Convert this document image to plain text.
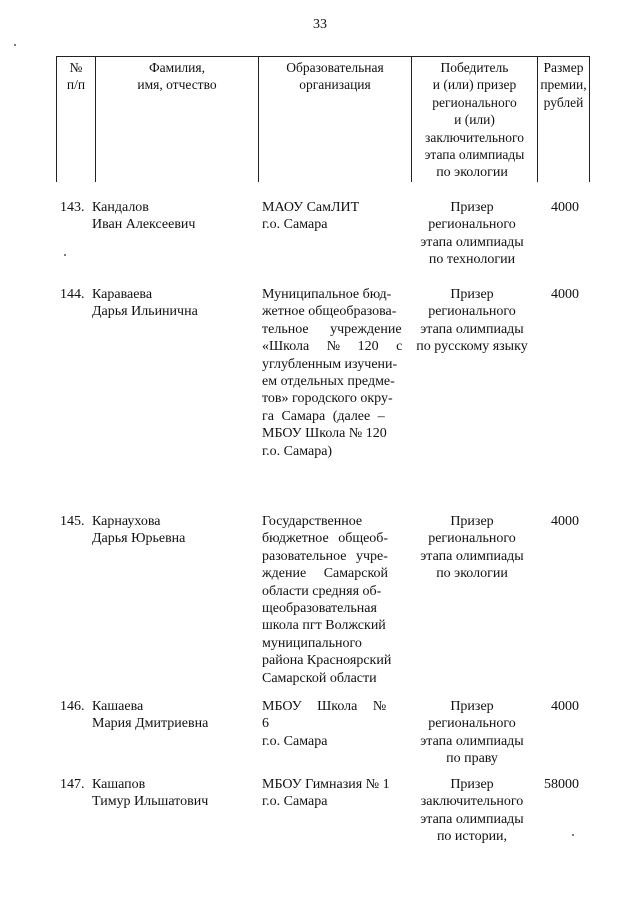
33
№
п/п
Фамилия,
имя, отчество
Образовательная
организация
Победитель
и (или) призер
регионального
и (или)
заключительного
этапа олимпиады
Размер
премии,
рублей
по экологии
143. Кандалов
Иван Алексеевич
МАОУ СамЛИТ
г.о. Самара
Призер
регионального
этапа олимпиады
по технологии
4000
144. Караваева
Дарья Ильинична
Муниципальное бюд-
жетное общеобразова-
тельное учреждение
«Школа № 120 с
углубленным изучени-
ем отдельных предме-
тов» городского окру-
га Самара (далее –
МБОУ Школа № 120
г.о. Самара)
Призер
регионального
этапа олимпиады
по русскому языку
4000
145. Карнаухова
Дарья Юрьевна
Государственное
бюджетное общеоб-
разовательное учре-
ждение Самарской
области средняя об-
щеобразовательная
школа пгт Волжский
муниципального
района Красноярский
Самарской области
Призер
регионального
этапа олимпиады
по экологии
4000
146. Кашаева
Мария Дмитриевна
МБОУ Школа № 6
г.о. Самара
Призер
регионального
этапа олимпиады
по праву
4000
147. Кашапов
Тимур Ильшатович
МБОУ Гимназия № 1
г.о. Самара
Призер
заключительного
этапа олимпиады
по истории,
58000
